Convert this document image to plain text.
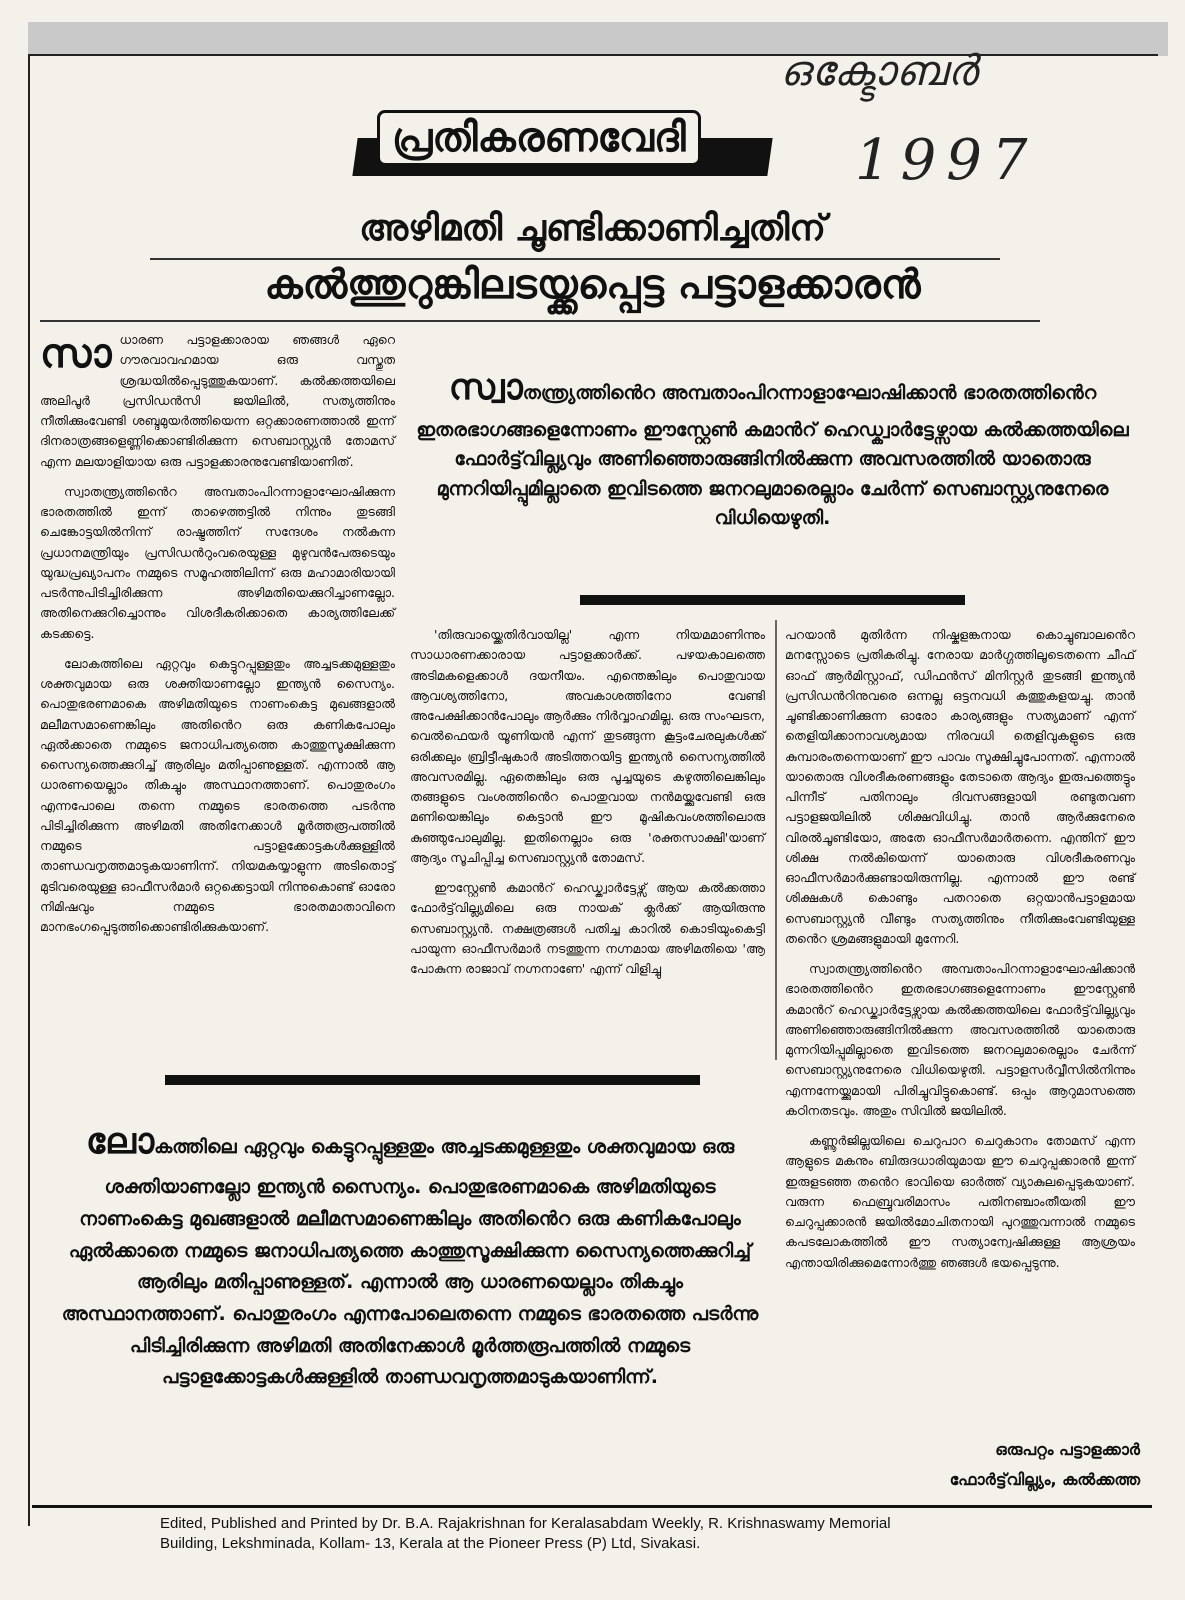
ഒക്ടോബർ
1997
പ്രതികരണവേദി
അഴിമതി ചൂണ്ടിക്കാണിച്ചതിന്
കൽത്തുറുങ്കിലടയ്ക്കപ്പെട്ട പട്ടാളക്കാരൻ

സാധാരണ പട്ടാളക്കാരായ ഞങ്ങൾ ഏറെ ഗൗരവാവഹമായ ഒരു വസ്തുത ശ്രദ്ധയിൽപ്പെടുത്തുകയാണ്. കൽക്കത്തയിലെ അലിപൂർ പ്രസിഡൻസി ജയിലിൽ, സത്യത്തിനും നീതിക്കുംവേണ്ടി ശബ്ദമുയർത്തിയെന്ന ഒറ്റക്കാരണത്താൽ ഇന്ന് ദിനരാത്രങ്ങളെണ്ണിക്കൊണ്ടിരിക്കുന്ന സെബാസ്റ്റ്യൻ തോമസ് എന്ന മലയാളിയായ ഒരു പട്ടാളക്കാരനുവേണ്ടിയാണിത്.

സ്വാതന്ത്ര്യത്തിൻെറ അമ്പതാംപിറന്നാളാഘോഷിക്കുന്ന ഭാരതത്തിൽ ഇന്ന് താഴെത്തട്ടിൽ നിന്നും തുടങ്ങി ചെങ്കോട്ടയിൽനിന്ന് രാഷ്ട്രത്തിന് സന്ദേശം നൽകുന്ന പ്രധാനമന്ത്രിയും പ്രസിഡൻറുംവരെയുള്ള മുഴുവൻപേരുടെയും യുദ്ധപ്രഖ്യാപനം നമ്മുടെ സമൂഹത്തിലിന്ന് ഒരു മഹാമാരിയായി പടർന്നുപിടിച്ചിരിക്കുന്ന അഴിമതിയെക്കുറിച്ചാണല്ലോ. അതിനെക്കുറിച്ചൊന്നും വിശദീകരിക്കാതെ കാര്യത്തിലേക്ക് കടക്കട്ടെ.

ലോകത്തിലെ ഏറ്റവും കെട്ടുറപ്പുള്ളതും അച്ചടക്കമുള്ളതും ശക്തവുമായ ഒരു ശക്തിയാണല്ലോ ഇന്ത്യൻ സൈന്യം. പൊതുഭരണമാകെ അഴിമതിയുടെ നാണംകെട്ട മുഖങ്ങളാൽ മലീമസമാണെങ്കിലും അതിൻെറ ഒരു കണികപോലും ഏൽക്കാതെ നമ്മുടെ ജനാധിപത്യത്തെ കാത്തുസൂക്ഷിക്കുന്ന സൈന്യത്തെക്കുറിച്ച് ആരിലും മതിപ്പാണുള്ളത്. എന്നാൽ ആ ധാരണയെല്ലാം തികച്ചും അസ്ഥാനത്താണ്. പൊതുരംഗം എന്നപോലെ തന്നെ നമ്മുടെ ഭാരതത്തെ പടർന്നു പിടിച്ചിരിക്കുന്ന അഴിമതി അതിനേക്കാൾ മൂർത്തരൂപത്തിൽ നമ്മുടെ പട്ടാളക്കോട്ടകൾക്കുള്ളിൽ താണ്ഡവനൃത്തമാടുകയാണിന്ന്. നിയമകയ്യാളുന്ന അടിതൊട്ട് മുടിവരെയുള്ള ഓഫീസർമാർ ഒറ്റക്കെട്ടായി നിന്നുകൊണ്ട് ഓരോ നിമിഷവും നമ്മുടെ ഭാരതമാതാവിനെ മാനഭംഗപ്പെടുത്തിക്കൊണ്ടിരിക്കുകയാണ്.

സ്വാതന്ത്ര്യത്തിൻെറ അമ്പതാംപിറന്നാളാഘോഷിക്കാൻ ഭാരതത്തിൻെറ ഇതരഭാഗങ്ങളെന്നോണം ഈസ്റ്റേൺ കമാൻറ് ഹെഡ്ക്വാർട്ടേഴ്സായ കൽക്കത്തയിലെ ഫോർട്ട്‌വില്ല്യവും അണിഞ്ഞൊരുങ്ങിനിൽക്കുന്ന അവസരത്തിൽ യാതൊരു മുന്നറിയിപ്പുമില്ലാതെ ഇവിടത്തെ ജനറലുമാരെല്ലാം ചേർന്ന് സെബാസ്റ്റ്യനുനേരെ വിധിയെഴുതി.

'തിരുവായ്ക്കെതിർവായില്ല' എന്ന നിയമമാണിന്നും സാധാരണക്കാരായ പട്ടാളക്കാർക്ക്. പഴയകാലത്തെ അടിമകളെക്കാൾ ദയനീയം. എന്തെങ്കിലും പൊതുവായ ആവശ്യത്തിനോ, അവകാശത്തിനോ വേണ്ടി അപേക്ഷിക്കാൻപോലും ആർക്കും നിർവ്വാഹമില്ല. ഒരു സംഘടന, വെൽഫെയർ യൂണിയൻ എന്ന് തുടങ്ങുന്ന കൂട്ടംചേരലുകൾക്ക് ഒരിക്കലും ബ്രിട്ടീഷുകാർ അടിത്തറയിട്ട ഇന്ത്യൻ സൈന്യത്തിൽ അവസരമില്ല. ഏതെങ്കിലും ഒരു പൂച്ചയുടെ കഴുത്തിലെങ്കിലും തങ്ങളുടെ വംശത്തിൻെറ പൊതുവായ നൻമയ്ക്കുവേണ്ടി ഒരു മണിയെങ്കിലും കെട്ടാൻ ഈ മൂഷികവംശത്തിലൊരു കുഞ്ഞുപോലുമില്ല. ഇതിനെല്ലാം ഒരു 'രക്തസാക്ഷി'യാണ് ആദ്യം സൂചിപ്പിച്ച സെബാസ്റ്റ്യൻ തോമസ്.

ഈസ്റ്റേൺ കമാൻറ് ഹെഡ്ക്വാർട്ടേഴ്സ് ആയ കൽക്കത്താ ഫോർട്ട്‌വില്ല്യമിലെ ഒരു നായക് ക്ലർക്ക് ആയിരുന്നു സെബാസ്റ്റ്യൻ. നക്ഷത്രങ്ങൾ പതിച്ച കാറിൽ കൊടിയുംകെട്ടി പായുന്ന ഓഫീസർമാർ നടത്തുന്ന നഗ്നമായ അഴിമതിയെ 'ആ പോകുന്ന രാജാവ് നഗ്നനാണേ' എന്ന് വിളിച്ചു

പറയാൻ മുതിർന്ന നിഷ്കളങ്കനായ കൊച്ചുബാലൻെറ മനസ്സോടെ പ്രതികരിച്ചു. നേരായ മാർഗ്ഗത്തിലൂടെതന്നെ ചീഫ് ഓഫ് ആർമിസ്റ്റാഫ്, ഡിഫൻസ് മിനിസ്റ്റർ തുടങ്ങി ഇന്ത്യൻ പ്രസിഡൻറിനുവരെ ഒന്നല്ല ഒട്ടനവധി കത്തുകളയച്ചു. താൻ ചൂണ്ടിക്കാണിക്കുന്ന ഓരോ കാര്യങ്ങളും സത്യമാണ് എന്ന് തെളിയിക്കാനാവശ്യമായ നിരവധി തെളിവുകളുടെ ഒരു കുമ്പാരംതന്നെയാണ് ഈ പാവം സൂക്ഷിച്ചുപോന്നത്. എന്നാൽ യാതൊരു വിശദീകരണങ്ങളും തേടാതെ ആദ്യം ഇരുപത്തെട്ടും പിന്നീട് പതിനാലും ദിവസങ്ങളായി രണ്ടുതവണ പട്ടാളജയിലിൽ ശിക്ഷവിധിച്ചു. താൻ ആർക്കുനേരെ വിരൽചൂണ്ടിയോ, അതേ ഓഫീസർമാർതന്നെ. എന്തിന് ഈ ശിക്ഷ നൽകിയെന്ന് യാതൊരു വിശദീകരണവും ഓഫീസർമാർക്കുണ്ടായിരുന്നില്ല. എന്നാൽ ഈ രണ്ട് ശിക്ഷകൾ കൊണ്ടും പതറാതെ ഒറ്റയാൻപട്ടാളമായ സെബാസ്റ്റ്യൻ വീണ്ടും സത്യത്തിനും നീതിക്കുംവേണ്ടിയുള്ള തൻെറ ശ്രമങ്ങളുമായി മുന്നേറി.

സ്വാതന്ത്ര്യത്തിൻെറ അമ്പതാംപിറന്നാളാഘോഷിക്കാൻ ഭാരതത്തിൻെറ ഇതരഭാഗങ്ങളെന്നോണം ഈസ്റ്റേൺ കമാൻറ് ഹെഡ്ക്വാർട്ടേഴ്സായ കൽക്കത്തയിലെ ഫോർട്ട്‌വില്ല്യവും അണിഞ്ഞൊരുങ്ങിനിൽക്കുന്ന അവസരത്തിൽ യാതൊരു മുന്നറിയിപ്പുമില്ലാതെ ഇവിടത്തെ ജനറലുമാരെല്ലാം ചേർന്ന് സെബാസ്റ്റ്യനുനേരെ വിധിയെഴുതി. പട്ടാളസർവ്വീസിൽനിന്നും എന്നന്നേയ്ക്കുമായി പിരിച്ചുവിട്ടുകൊണ്ട്. ഒപ്പം ആറുമാസത്തെ കഠിനതടവും. അതും സിവിൽ ജയിലിൽ.

കണ്ണൂർജില്ലയിലെ ചെറുപാറ ചെറുകാനം തോമസ് എന്ന ആളുടെ മകനും ബിരുദധാരിയുമായ ഈ ചെറുപ്പക്കാരൻ ഇന്ന് ഇരുളടഞ്ഞ തൻെറ ഭാവിയെ ഓർത്ത് വ്യാകുലപ്പെടുകയാണ്. വരുന്ന ഫെബ്രുവരിമാസം പതിനഞ്ചാംതീയതി ഈ ചെറുപ്പക്കാരൻ ജയിൽമോചിതനായി പുറത്തുവന്നാൽ നമ്മുടെ കപടലോകത്തിൽ ഈ സത്യാന്വേഷിക്കുള്ള ആശ്രയം എന്തായിരിക്കുമെന്നോർത്തു ഞങ്ങൾ ഭയപ്പെടുന്നു.

ലോകത്തിലെ ഏറ്റവും കെട്ടുറപ്പുള്ളതും അച്ചടക്കമുള്ളതും ശക്തവുമായ ഒരു ശക്തിയാണല്ലോ ഇന്ത്യൻ സൈന്യം. പൊതുഭരണമാകെ അഴിമതിയുടെ നാണംകെട്ട മുഖങ്ങളാൽ മലീമസമാണെങ്കിലും അതിൻെറ ഒരു കണികപോലും ഏൽക്കാതെ നമ്മുടെ ജനാധിപത്യത്തെ കാത്തുസൂക്ഷിക്കുന്ന സൈന്യത്തെക്കുറിച്ച് ആരിലും മതിപ്പാണുള്ളത്. എന്നാൽ ആ ധാരണയെല്ലാം തികച്ചും അസ്ഥാനത്താണ്. പൊതുരംഗം എന്നപോലെതന്നെ നമ്മുടെ ഭാരതത്തെ പടർന്നു പിടിച്ചിരിക്കുന്ന അഴിമതി അതിനേക്കാൾ മൂർത്തരൂപത്തിൽ നമ്മുടെ പട്ടാളക്കോട്ടകൾക്കുള്ളിൽ താണ്ഡവനൃത്തമാടുകയാണിന്ന്.
ഒരുപറ്റം പട്ടാളക്കാർ
ഫോർട്ട്‌വില്ല്യം, കൽക്കത്ത
Edited, Published and Printed by Dr. B.A. Rajakrishnan for Keralasabdam Weekly, R. Krishnaswamy Memorial
Building, Lekshminada, Kollam- 13, Kerala at the Pioneer Press (P) Ltd, Sivakasi.
